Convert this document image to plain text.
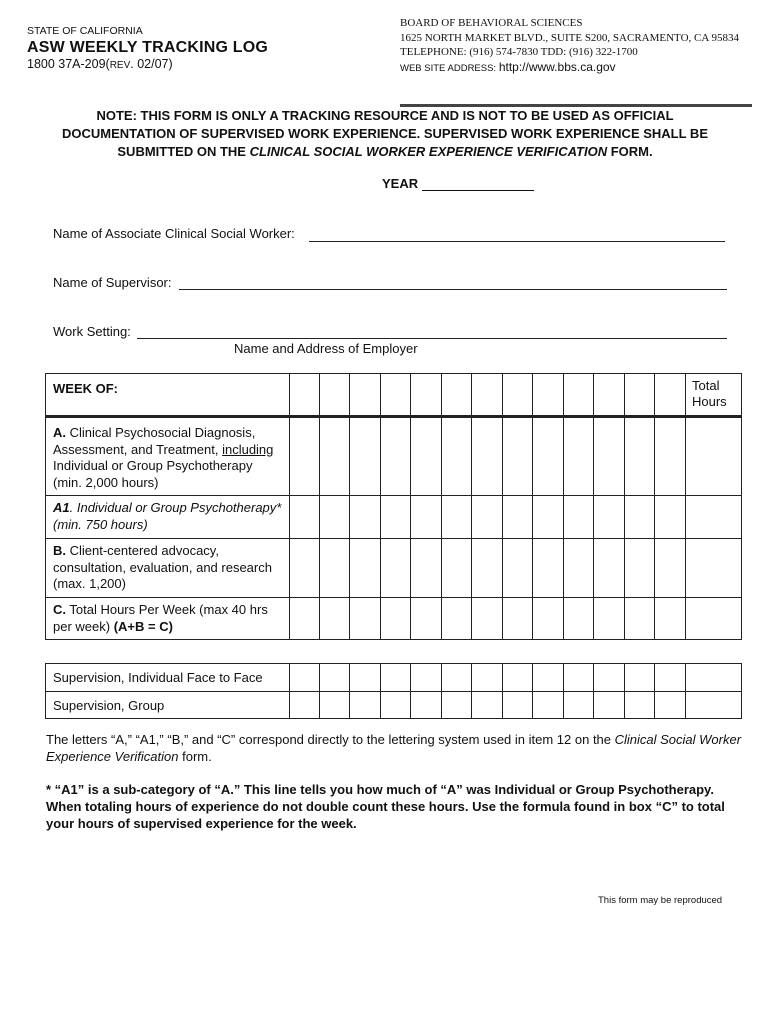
STATE OF CALIFORNIA
ASW WEEKLY TRACKING LOG
1800 37A-209(REV. 02/07)
BOARD OF BEHAVIORAL SCIENCES
1625 NORTH MARKET BLVD., SUITE S200, SACRAMENTO, CA 95834
TELEPHONE: (916) 574-7830 TDD: (916) 322-1700
WEB SITE ADDRESS: http://www.bbs.ca.gov
NOTE: THIS FORM IS ONLY A TRACKING RESOURCE AND IS NOT TO BE USED AS OFFICIAL
DOCUMENTATION OF SUPERVISED WORK EXPERIENCE. SUPERVISED WORK EXPERIENCE SHALL BE
SUBMITTED ON THE CLINICAL SOCIAL WORKER EXPERIENCE VERIFICATION FORM.
YEAR
Name of Associate Clinical Social Worker:
Name of Supervisor:
Work Setting:
Name and Address of Employer
WEEK OF:														Total
Hours

A. Clinical Psychosocial Diagnosis, Assessment, and Treatment, including Individual or Group Psychotherapy (min. 2,000 hours)														
A1. Individual or Group Psychotherapy* (min. 750 hours)														
B. Client-centered advocacy, consultation, evaluation, and research (max. 1,200)														
C. Total Hours Per Week (max 40 hrs per week) (A+B = C)														
Supervision, Individual Face to Face														
Supervision, Group														
The letters “A,” “A1,” “B,” and “C” correspond directly to the lettering system used in item 12 on the Clinical Social Worker Experience Verification form.
* “A1” is a sub-category of “A.” This line tells you how much of “A” was Individual or Group Psychotherapy. When totaling hours of experience do not double count these hours. Use the formula found in box “C” to total your hours of supervised experience for the week.
This form may be reproduced
